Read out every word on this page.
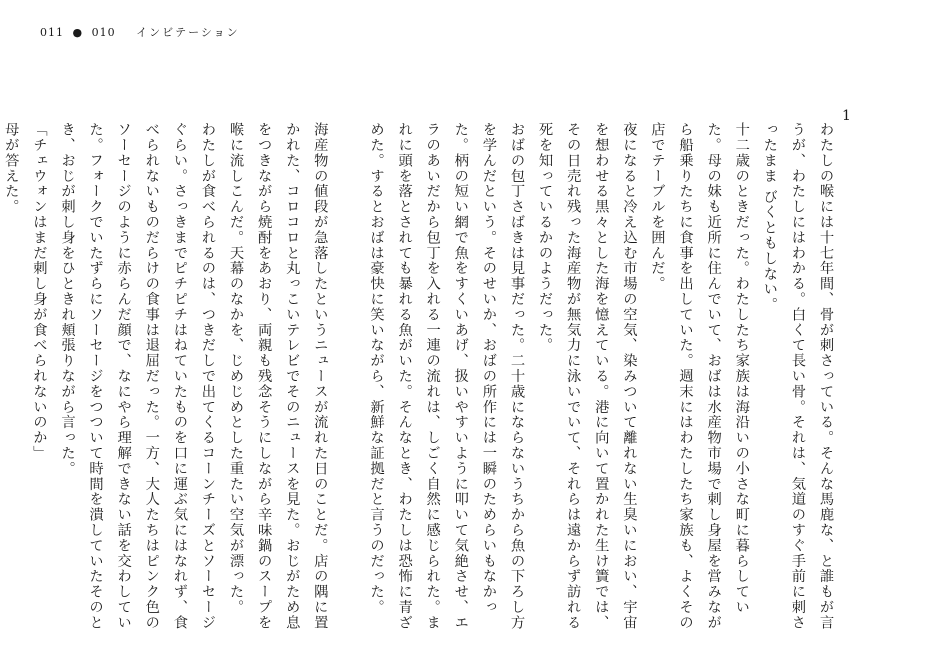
011 ● 010 インビテーション
1

わたしの喉には十七年間、骨が刺さっている。そんな馬鹿な、と誰もが言うが、わたしにはわかる。白くて長い骨。それは、気道のすぐ手前に刺さったまま びくともしない。

十二歳のときだった。わたしたち家族は海沿いの小さな町に暮らしていた。母の妹も近所に住んでいて、おばは水産物市場で刺し身屋を営みながら船乗りたちに食事を出していた。週末にはわたしたち家族も、よくその店でテーブルを囲んだ。

夜になると冷え込む市場の空気、染みついて離れない生臭いにおい、宇宙を想わせる黒々とした海を憶えている。港に向いて置かれた生け簀では、その日売れ残った海産物が無気力に泳いでいて、それらは遠からず訪れる死を知っているかのようだった。

おばの包丁さばきは見事だった。二十歳にならないうちから魚の下ろし方を学んだという。そのせいか、おばの所作には一瞬のためらいもなかった。柄の短い網で魚をすくいあげ、扱いやすいように叩いて気絶させ、エラのあいだから包丁を入れる一連の流れは、しごく自然に感じられた。まれに頭を落とされても暴れる魚がいた。そんなとき、わたしは恐怖に青ざめた。するとおばは豪快に笑いながら、新鮮な証拠だと言うのだった。

海産物の値段が急落したというニュースが流れた日のことだ。店の隅に置かれた、コロコロと丸っこいテレビでそのニュースを見た。おじがため息をつきながら焼酎をあおり、両親も残念そうにしながら辛味鍋のスープを喉に流しこんだ。天幕のなかを、じめじめとした重たい空気が漂った。

わたしが食べられるのは、つきだしで出てくるコーンチーズとソーセージぐらい。さっきまでピチピチはねていたものを口に運ぶ気にはなれず、食べられないものだらけの食事は退屈だった。一方、大人たちはピンク色のソーセージのように赤らんだ顔で、なにやら理解できない話を交わしていた。フォークでいたずらにソーセージをつついて時間を潰していたそのとき、おじが刺し身をひときれ頬張りながら言った。

「チェウォンはまだ刺し身が食べられないのか」

母が答えた。
